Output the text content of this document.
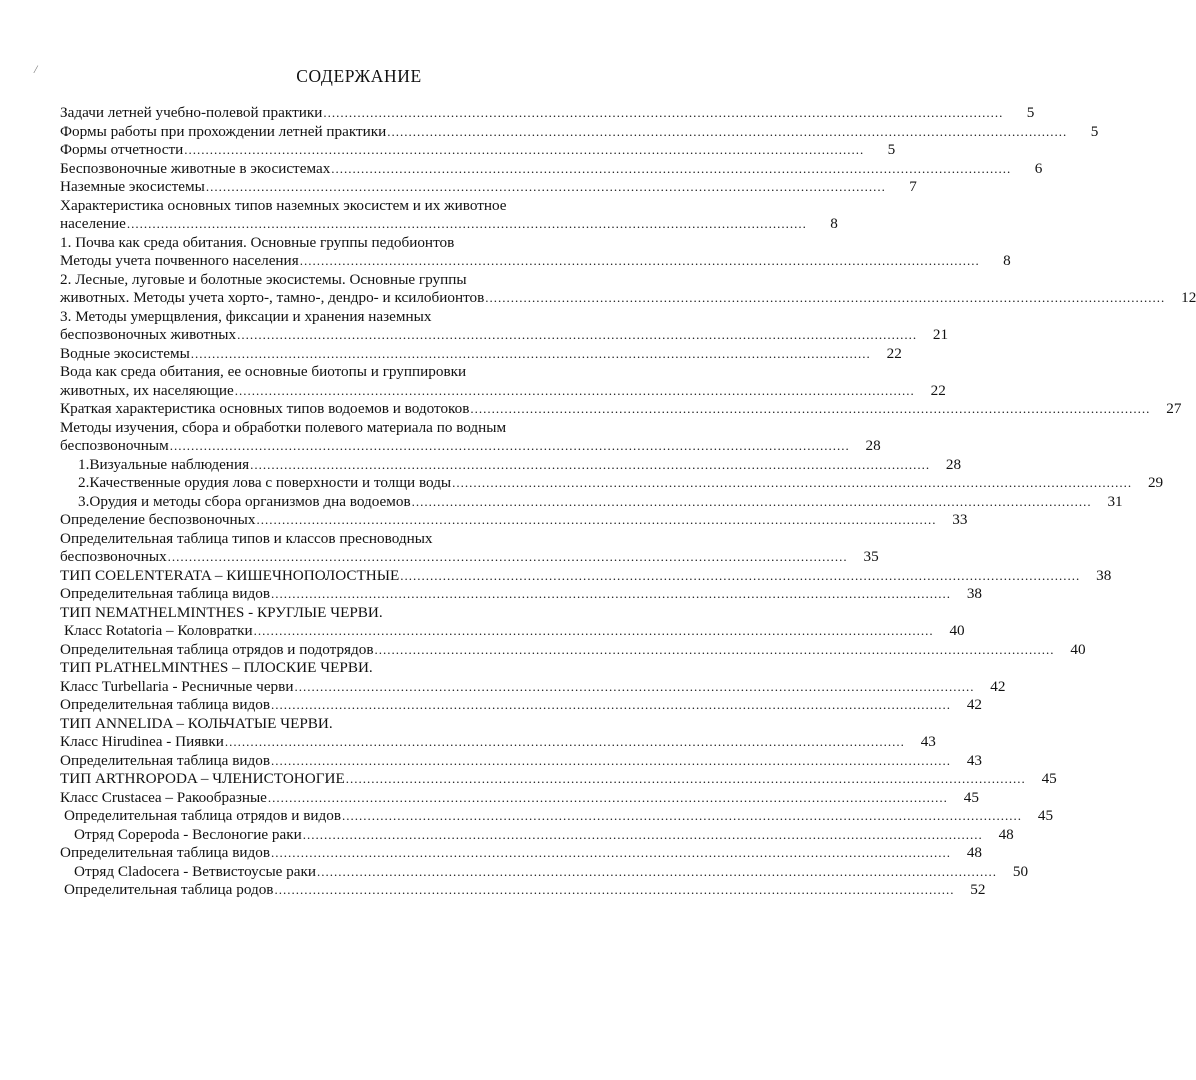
/	СОДЕРЖАНИЕ
Задачи летней учебно-полевой практики ................................................................................................................................................................	5
Формы работы при прохождении летней практики ................................................................................................................................................................	5
Формы отчетности ................................................................................................................................................................	5
Беспозвоночные животные в экосистемах ................................................................................................................................................................	6
Наземные экосистемы ................................................................................................................................................................	7
Характеристика основных типов наземных экосистем и их животное
население ................................................................................................................................................................	8
1. Почва как среда обитания. Основные группы педобионтов
Методы учета почвенного населения ................................................................................................................................................................	8
2. Лесные, луговые и болотные экосистемы. Основные группы
животных. Методы учета хорто-, тамно-, дендро- и ксилобионтов ................................................................................................................................................................	12
3. Методы умерщвления, фиксации и хранения наземных
беспозвоночных животных ................................................................................................................................................................	21
Водные экосистемы ................................................................................................................................................................	22
Вода как среда обитания, ее основные биотопы и группировки
животных, их населяющие ................................................................................................................................................................	22
Краткая характеристика основных типов водоемов и водотоков ................................................................................................................................................................	27
Методы изучения, сбора и обработки полевого материала по водным
беспозвоночным ................................................................................................................................................................	28
1.Визуальные наблюдения ................................................................................................................................................................	28
2.Качественные орудия лова с поверхности и толщи воды ................................................................................................................................................................	29
3.Орудия и методы сбора организмов дна водоемов ................................................................................................................................................................	31
Определение беспозвоночных ................................................................................................................................................................	33
Определительная таблица типов и классов пресноводных
беспозвоночных ................................................................................................................................................................	35
ТИП COELENTERATA – КИШЕЧНОПОЛОСТНЫЕ ................................................................................................................................................................	38
Определительная таблица видов ................................................................................................................................................................	38
ТИП NEMATHELMINTHES - КРУГЛЫЕ ЧЕРВИ.
Класс Rotatoria – Коловратки ................................................................................................................................................................	40
Определительная таблица отрядов и подотрядов ................................................................................................................................................................	40
ТИП PLATHELMINTHES – ПЛОСКИЕ ЧЕРВИ.
Класс Turbellaria - Ресничные черви ................................................................................................................................................................	42
Определительная таблица видов ................................................................................................................................................................	42
ТИП ANNELIDA – КОЛЬЧАТЫЕ ЧЕРВИ.
Класс Hirudinea - Пиявки ................................................................................................................................................................	43
Определительная таблица видов ................................................................................................................................................................	43
ТИП ARTHROPODA – ЧЛЕНИСТОНОГИЕ ................................................................................................................................................................	45
Класс Crustacea – Ракообразные ................................................................................................................................................................	45
Определительная таблица отрядов и видов ................................................................................................................................................................	45
Отряд Copepoda - Веслоногие раки ................................................................................................................................................................	48
Определительная таблица видов ................................................................................................................................................................	48
Отряд Cladocera - Ветвистоусые раки ................................................................................................................................................................	50
Определительная таблица родов ................................................................................................................................................................	52
